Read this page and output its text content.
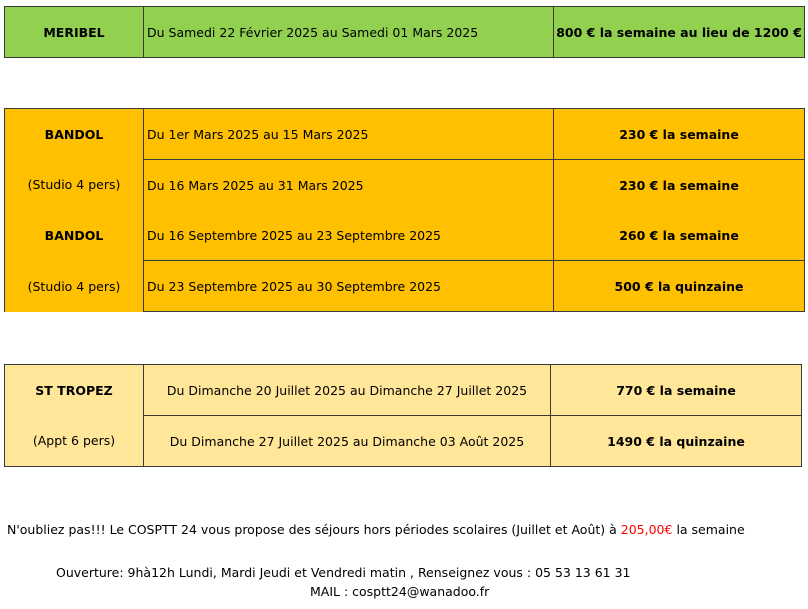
MERIBEL	Du Samedi 22 Février 2025 au Samedi 01 Mars 2025	800 € la semaine au lieu de 1200 €
BANDOL	Du 1er Mars 2025 au 15 Mars 2025	230 € la semaine
(Studio 4 pers)	Du 16 Mars 2025 au 31 Mars 2025	230 € la semaine
BANDOL	Du 16 Septembre 2025 au 23 Septembre 2025	260 € la semaine
(Studio 4 pers)	Du 23 Septembre 2025 au 30 Septembre 2025	500 € la quinzaine
ST TROPEZ	Du Dimanche 20 Juillet 2025 au Dimanche 27 Juillet 2025	770 € la semaine
(Appt 6 pers)	Du Dimanche 27 Juillet 2025 au Dimanche 03 Août 2025	1490 € la quinzaine
N'oubliez pas!!! Le COSPTT 24 vous propose des séjours hors périodes scolaires (Juillet et Août) à 205,00€ la semaine
Ouverture: 9hà12h Lundi, Mardi Jeudi et Vendredi matin , Renseignez vous : 05 53 13 61 31
MAIL : cosptt24@wanadoo.fr
